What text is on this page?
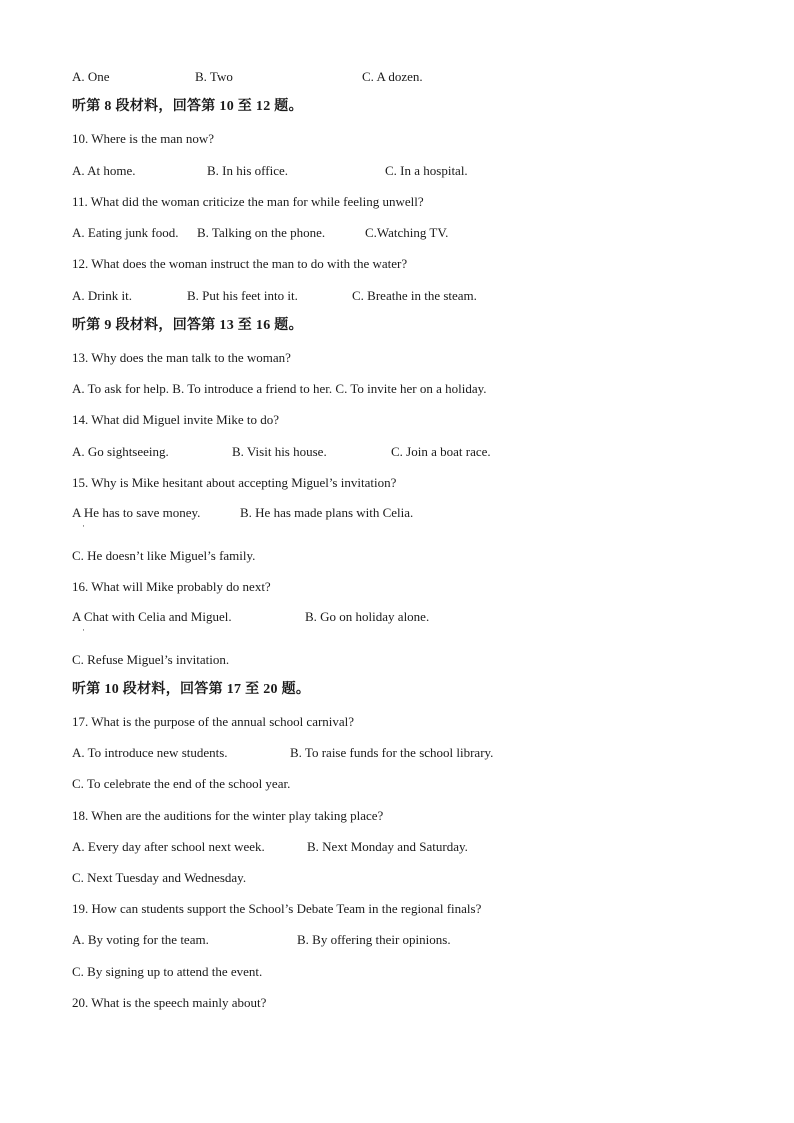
A. One	B. Two	C. A dozen.
听第 8 段材料，回答第 10 至 12 题。
10. Where is the man now?
A. At home.	B. In his office.	C. In a hospital.
11. What did the woman criticize the man for while feeling unwell?
A. Eating junk food. B. Talking on the phone.	C.Watching TV.
12. What does the woman instruct the man to do with the water?
A. Drink it.	B. Put his feet into it.	C. Breathe in the steam.
听第 9 段材料，回答第 13 至 16 题。
13. Why does the man talk to the woman?
A. To ask for help. B. To introduce a friend to her. C. To invite her on a holiday.
14. What did Miguel invite Mike to do?
A. Go sightseeing.	B. Visit his house.	C. Join a boat race.
15. Why is Mike hesitant about accepting Miguel’s invitation?
A He has to save money.	B. He has made plans with Celia.
·
C. He doesn’t like Miguel’s family.
16. What will Mike probably do next?
A Chat with Celia and Miguel.	B. Go on holiday alone.
·
C. Refuse Miguel’s invitation.
听第 10 段材料，回答第 17 至 20 题。
17. What is the purpose of the annual school carnival?
A. To introduce new students.	B. To raise funds for the school library.
C. To celebrate the end of the school year.
18. When are the auditions for the winter play taking place?
A. Every day after school next week.	B. Next Monday and Saturday.
C. Next Tuesday and Wednesday.
19. How can students support the School’s Debate Team in the regional finals?
A. By voting for the team.	B. By offering their opinions.
C. By signing up to attend the event.
20. What is the speech mainly about?
